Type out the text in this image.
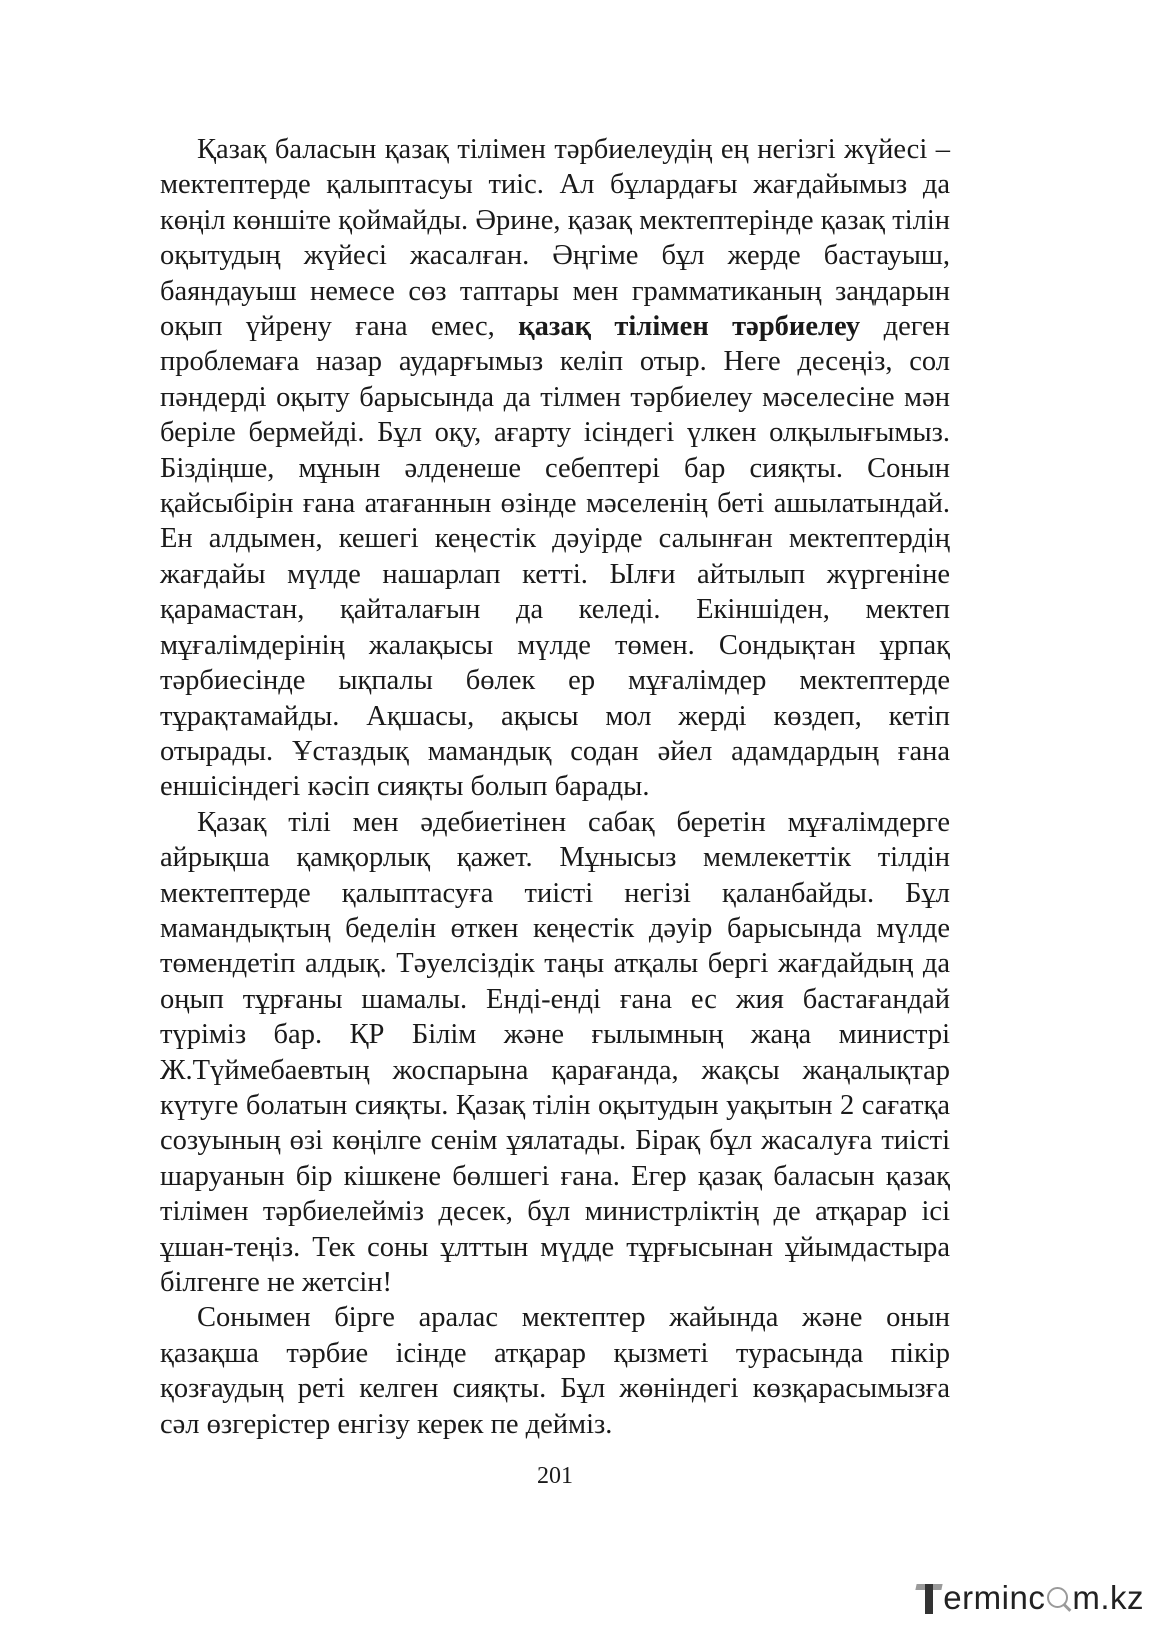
Қазақ баласын қазақ тілімен тәрбиелеудің ең негізгі жүйесі – мектептерде қалыптасуы тиіс. Ал бұлардағы жағдайымыз да көңіл көншіте қоймайды. Әрине, қазақ мектептерінде қазақ тілін оқытудың жүйесі жасалған. Әңгіме бұл жерде бастауыш, баяндауыш немесе сөз таптары мен грамматиканың заңдарын оқып үйрену ғана емес, қазақ тілімен тәрбиелеу деген проблемаға назар аударғымыз келіп отыр. Неге десеңіз, сол пәндерді оқыту барысында да тілмен тәрбиелеу мәселесіне мән беріле бермейді. Бұл оқу, ағарту ісіндегі үлкен олқылығымыз. Біздіңше, мұнын әлденеше себептері бар сияқты. Сонын қайсыбірін ғана атағаннын өзінде мәселенің беті ашылатындай. Ен алдымен, кешегі кеңестік дәуірде салынған мектептердің жағдайы мүлде нашарлап кетті. Ылғи айтылып жүргеніне қарамастан, қайталағын да келеді. Екіншіден, мектеп мұғалімдерінің жалақысы мүлде төмен. Сондықтан ұрпақ тәрбиесінде ықпалы бөлек ер мұғалімдер мектептерде тұрақтамайды. Ақшасы, ақысы мол жерді көздеп, кетіп отырады. Ұстаздық мамандық содан әйел адамдардың ғана еншісіндегі кәсіп сияқты болып барады.

Қазақ тілі мен әдебиетінен сабақ беретін мұғалімдерге айрықша қамқорлық қажет. Мұнысыз мемлекеттік тілдін мектептерде қалыптасуға тиісті негізі қаланбайды. Бұл мамандықтың беделін өткен кеңестік дәуір барысында мүлде төмендетіп алдық. Тәуелсіздік таңы атқалы бергі жағдайдың да оңып тұрғаны шамалы. Енді-енді ғана ес жия бастағандай түріміз бар. ҚР Білім және ғылымның жаңа министрі Ж.Түймебаевтың жоспарына қарағанда, жақсы жаңалықтар күтуге болатын сияқты. Қазақ тілін оқытудын уақытын 2 сағатқа созуының өзі көңілге сенім ұялатады. Бірақ бұл жасалуға тиісті шаруанын бір кішкене бөлшегі ғана. Егер қазақ баласын қазақ тілімен тәрбиелейміз десек, бұл министрліктің де атқарар ісі ұшан-теңіз. Тек соны ұлттын мүдде тұрғысынан ұйымдастыра білгенге не жетсін!

Сонымен бірге аралас мектептер жайында және онын қазақша тәрбие ісінде атқарар қызметі турасында пікір қозғаудың реті келген сияқты. Бұл жөніндегі көзқарасымызға сәл өзгерістер енгізу керек пе дейміз.

201
erminc m.kz
